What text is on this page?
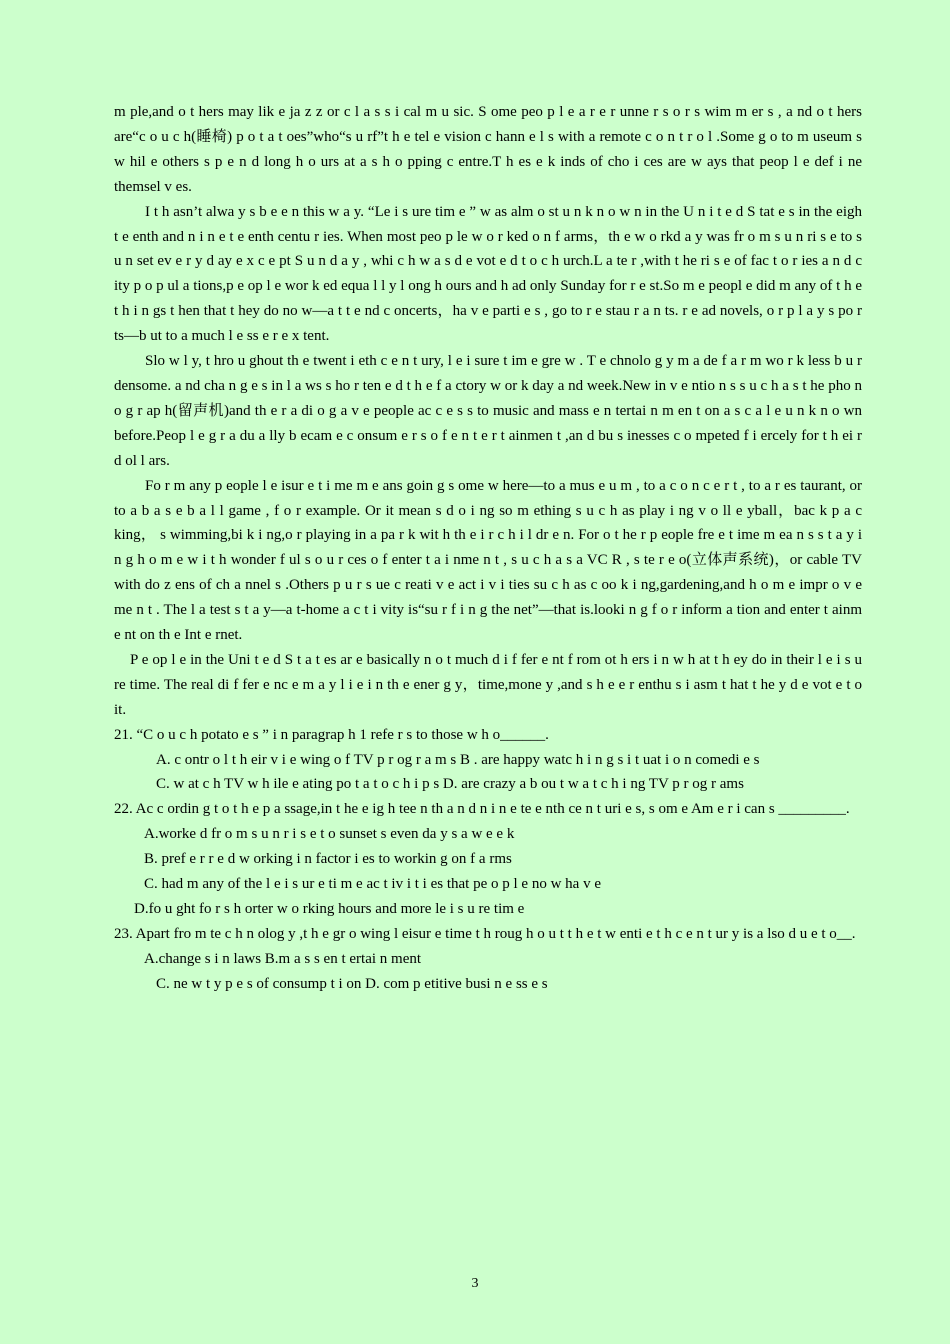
m ple,and o t hers may lik e ja z z or c l a s s i cal m u sic. S ome peo p l e a r e r unne r s o r s wim m er s , a nd o t hers are“c o u c h(睡椅) p o t a t oes”who“s u rf”t h e tel e vision c hann e l s with a remote c o n t r o l .Some g o to m useum s w hil e others s p e n d long h o urs at a s h o pping c entre.T h es e k inds of cho i ces are w ays that peop l e def i ne themsel v es.

I t h asn’t alwa y s b e e n this w a y. “Le i s ure tim e ” w as alm o st u n k n o w n in the U n i t e d S tat e s in the eigh t e enth and n i n e t e enth centu r ies. When most peo p le w o r ked o n f arms，th e w o rkd a y was fr o m s u n ri s e to s u n set ev e r y d ay e x c e pt S u n d a y , whi c h w a s d e vot e d t o c h urch.L a te r ,with t he ri s e of fac t o r ies a n d c ity p o p ul a tions,p e op l e wor k ed equa l l y l ong h ours and h ad only Sunday for r e st.So m e peopl e did m any of t h e t h i n gs t hen that t hey do no w—a t t e nd c oncerts，ha v e parti e s , go to r e stau r a n ts. r e ad novels, o r p l a y s po r ts—b ut to a much l e ss e r e x tent.

Slo w l y, t hro u ghout th e twent i eth c e n t ury, l e i sure t im e gre w . T e chnolo g y m a de f a r m wo r k less b u r densome. a nd cha n g e s in l a ws s ho r ten e d t h e f a ctory w or k day a nd week.New in v e ntio n s s u c h a s t he pho n o g r ap h(留声机)and th e r a di o g a v e people ac c e s s to music and mass e n tertai n m en t on a s c a l e u n k n o wn before.Peop l e g r a du a lly b ecam e c onsum e r s o f e n t e r t ainmen t ,an d bu s inesses c o mpeted f i ercely for t h ei r d ol l ars.

Fo r m any p eople l e isur e t i me m e ans goin g s ome w here—to a mus e u m , to a c o n c e r t , to a r es taurant, or to a b a s e b a l l game , f o r example. Or it mean s d o i ng so m ething s u c h as play i ng v o ll e yball，bac k p a c king， s wimming,bi k i ng,o r playing in a pa r k wit h th e i r c h i l dr e n. For o t he r p eople fre e t ime m ea n s s t a y i n g h o m e w i t h wonder f ul s o u r ces o f enter t a i nme n t , s u c h a s a VC R , s te r e o(立体声系统)，or cable TV with do z ens of ch a nnel s .Others p u r s ue c reati v e act i v i ties su c h as c oo k i ng,gardening,and h o m e impr o v e me n t . The l a test s t a y—a t-home a c t i vity is“su r f i n g the net”—that is.looki n g f o r inform a tion and enter t ainm e nt on th e Int e rnet.

P e op l e in the Uni t e d S t a t es ar e basically n o t much d i f fer e nt f rom ot h ers i n w h at t h ey do in their l e i s u re time. The real di f fer e nc e m a y l i e i n th e ener g y，time,mone y ,and s h e e r enthu s i asm t hat t he y d e vot e t o it.

21. “C o u c h potato e s ” i n paragrap h 1 refe r s to those w h o______.

A. c ontr o l t h eir v i e wing o f TV p r og r a m s B . are happy watc h i n g s i t uat i o n comedi e s

C. w at c h TV w h ile e ating po t a t o c h i p s D. are crazy a b ou t w a t c h i ng TV p r og r ams

22. Ac c ordin g t o t h e p a ssage,in t he e ig h tee n th a n d n i n e te e nth ce n t uri e s, s om e Am e r i can s _________.

A.worke d fr o m s u n r i s e t o sunset s even da y s a w e e k

B. pref e r r e d w orking i n factor i es to workin g on f a rms

C. had m any of the l e i s ur e ti m e ac t iv i t i es that pe o p l e no w ha v e

D.fo u ght fo r s h orter w o rking hours and more le i s u re tim e

23. Apart fro m te c h n olog y ,t h e gr o wing l eisur e time t h roug h o u t t h e t w enti e t h c e n t ur y is a lso d u e t o__.

A.change s i n laws B.m a s s en t ertai n ment

C. ne w t y p e s of consump t i on D. com p etitive busi n e ss e s

3
